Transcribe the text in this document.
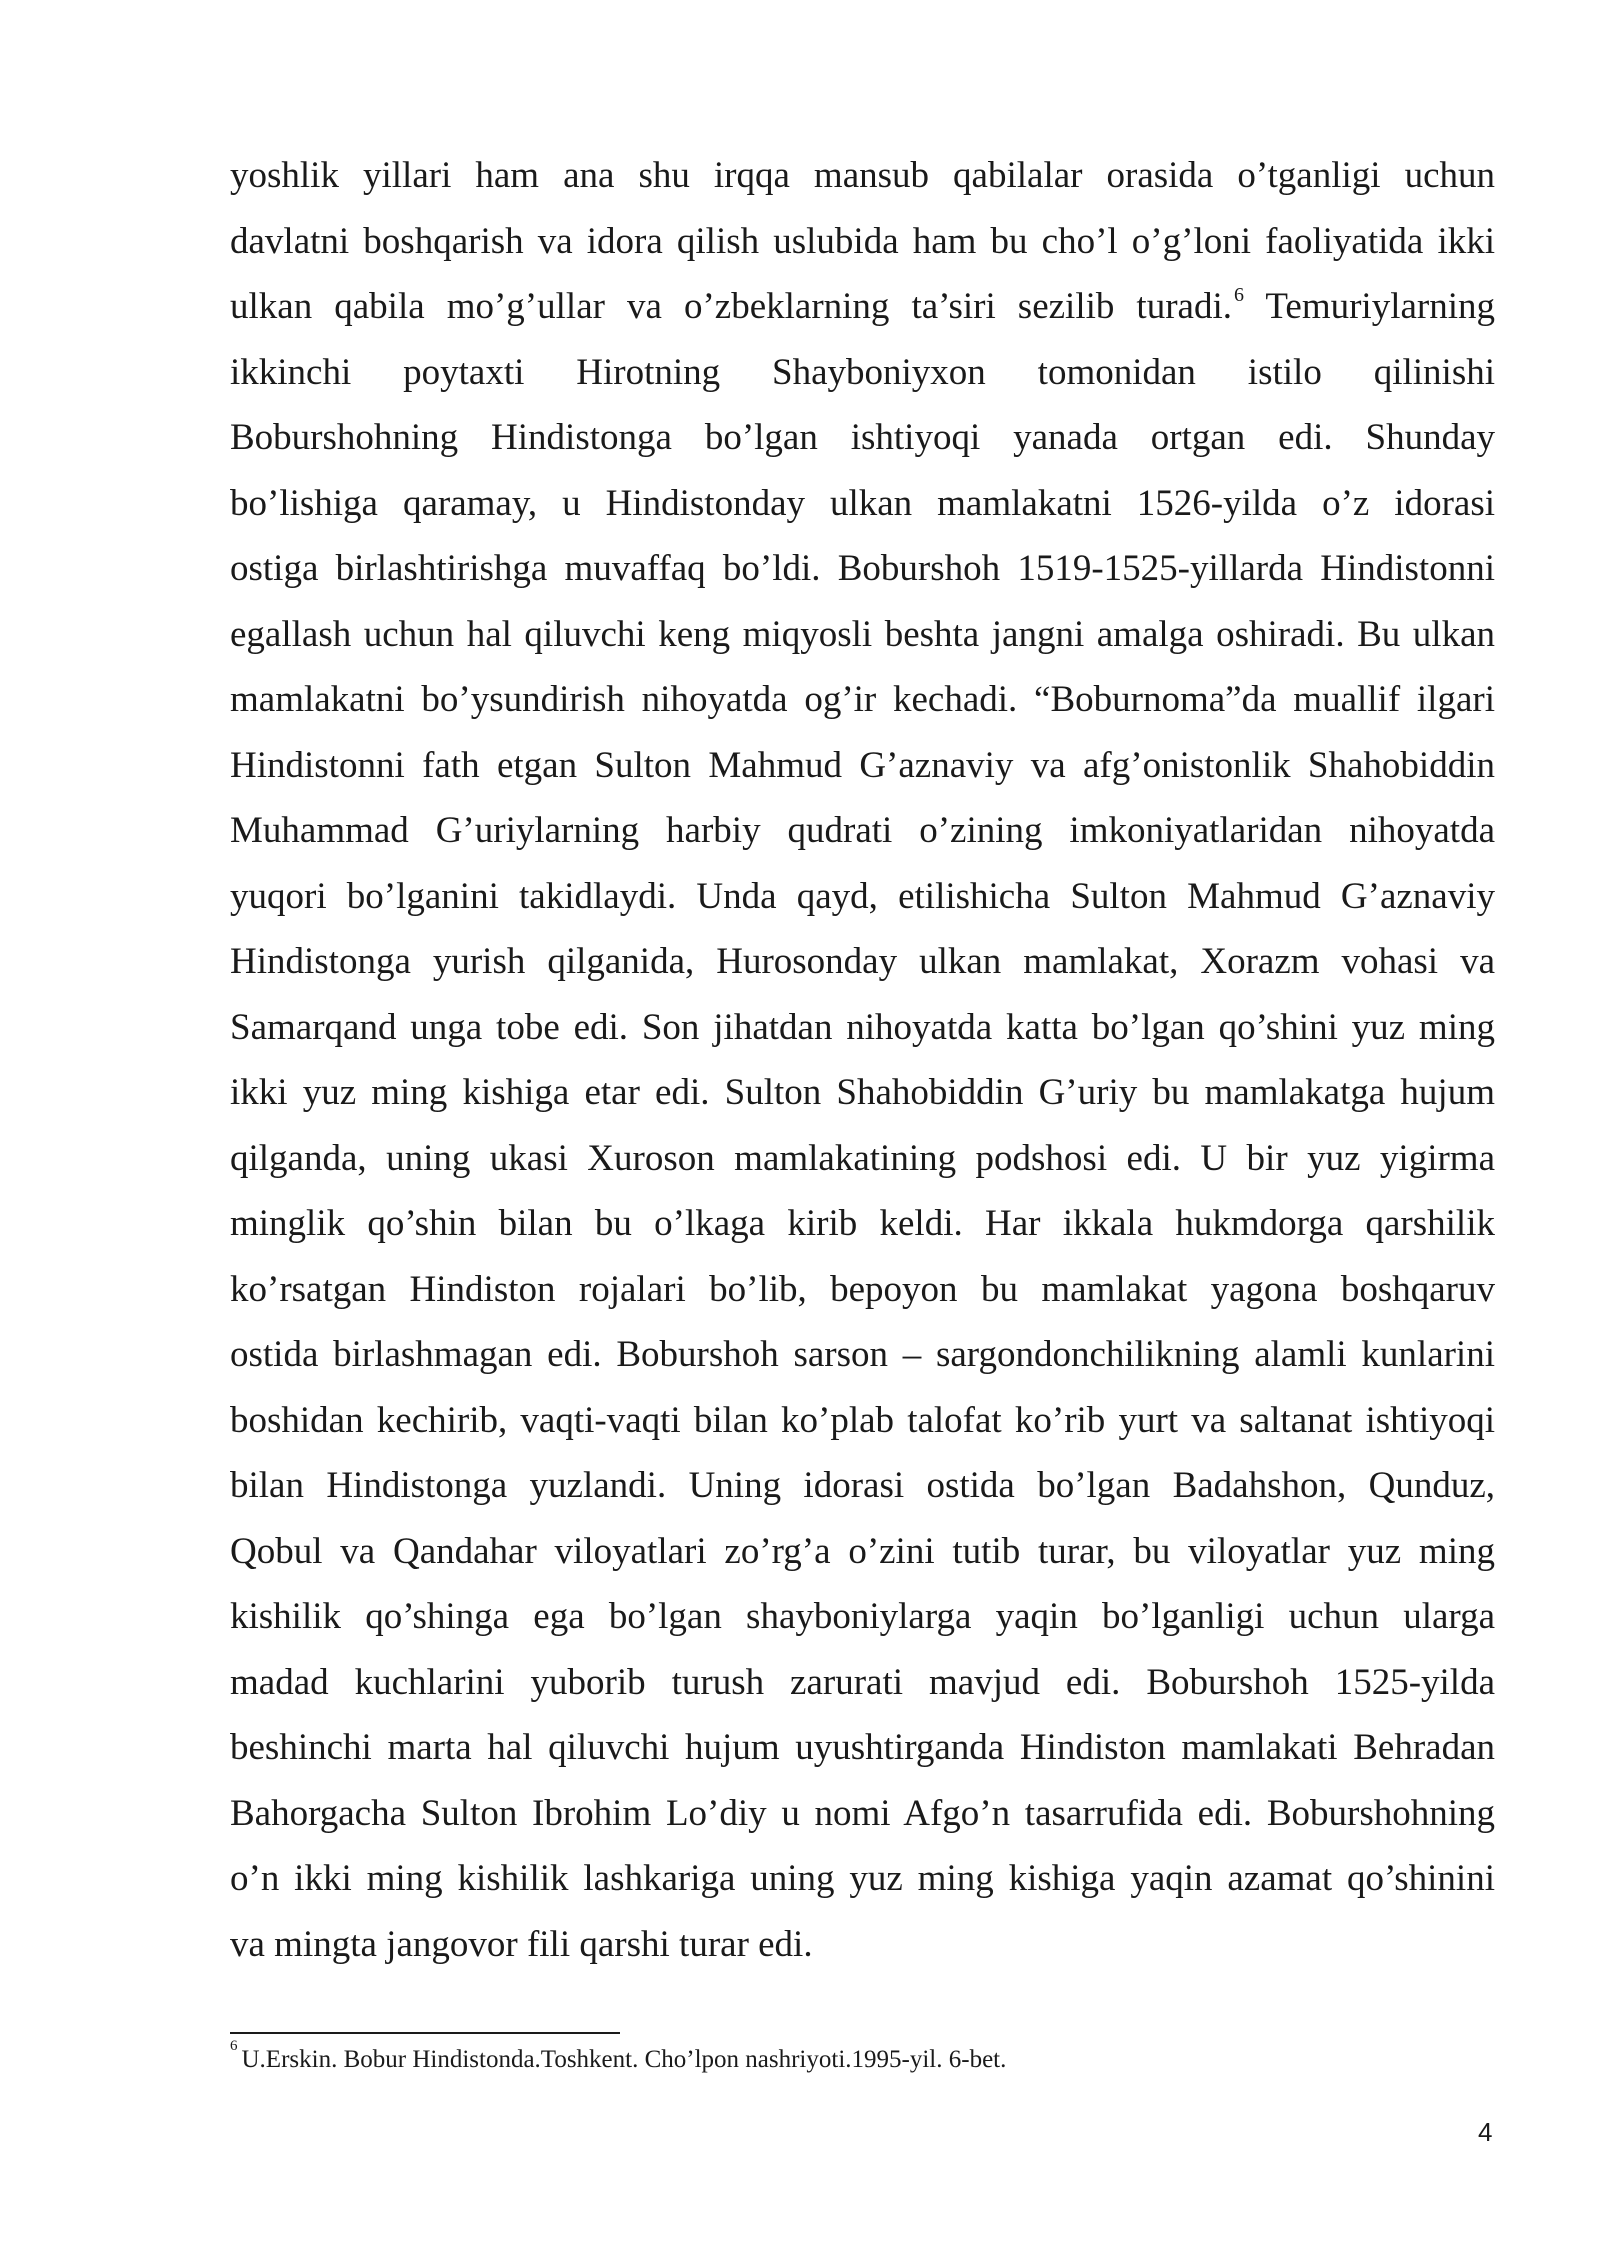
yoshlik yillari ham ana shu irqqa mansub qabilalar orasida o’tganligi uchun
davlatni boshqarish va idora qilish uslubida ham bu cho’l o’g’loni faoliyatida ikki
ulkan qabila mo’g’ullar va o’zbeklarning ta’siri sezilib turadi. $^6$ Temuriylarning
ikkinchi poytaxti Hirotning Shayboniyxon tomonidan istilo qilinishi
Boburshohning Hindistonga bo’lgan ishtiyoqi yanada ortgan edi. Shunday
bo’lishiga qaramay, u Hindistonday ulkan mamlakatni 1526-yilda o’z idorasi
ostiga birlashtirishga muvaffaq bo’ldi. Boburshoh 1519-1525-yillarda Hindistonni
egallash uchun hal qiluvchi keng miqyosli beshta jangni amalga oshiradi. Bu ulkan
mamlakatni bo’ysundirish nihoyatda og’ir kechadi. “Boburnoma”da muallif ilgari
Hindistonni fath etgan Sulton Mahmud G’aznaviy va afg’onistonlik Shahobiddin
Muhammad G’uriylarning harbiy qudrati o’zining imkoniyatlaridan nihoyatda
yuqori bo’lganini takidlaydi. Unda qayd, etilishicha Sulton Mahmud G’aznaviy
Hindistonga yurish qilganida, Hurosonday ulkan mamlakat, Xorazm vohasi va
Samarqand unga tobe edi. Son jihatdan nihoyatda katta bo’lgan qo’shini yuz ming
ikki yuz ming kishiga etar edi. Sulton Shahobiddin G’uriy bu mamlakatga hujum
qilganda, uning ukasi Xuroson mamlakatining podshosi edi. U bir yuz yigirma
minglik qo’shin bilan bu o’lkaga kirib keldi. Har ikkala hukmdorga qarshilik
ko’rsatgan Hindiston rojalari bo’lib, bepoyon bu mamlakat yagona boshqaruv
ostida birlashmagan edi. Boburshoh sarson – sargondonchilikning alamli kunlarini
boshidan kechirib, vaqti-vaqti bilan ko’plab talofat ko’rib yurt va saltanat ishtiyoqi
bilan Hindistonga yuzlandi. Uning idorasi ostida bo’lgan Badahshon, Qunduz,
Qobul va Qandahar viloyatlari zo’rg’a o’zini tutib turar, bu viloyatlar yuz ming
kishilik qo’shinga ega bo’lgan shayboniylarga yaqin bo’lganligi uchun ularga
madad kuchlarini yuborib turush zarurati mavjud edi. Boburshoh 1525-yilda
beshinchi marta hal qiluvchi hujum uyushtirganda Hindiston mamlakati Behradan
Bahorgacha Sulton Ibrohim Lo’diy u nomi Afgo’n tasarrufida edi. Boburshohning
o’n ikki ming kishilik lashkariga uning yuz ming kishiga yaqin azamat qo’shinini
va mingta jangovor fili qarshi turar edi.
$^6$U.Erskin. Bobur Hindistonda.Toshkent. Cho’lpon nashriyoti.1995-yil. 6-bet.
4
